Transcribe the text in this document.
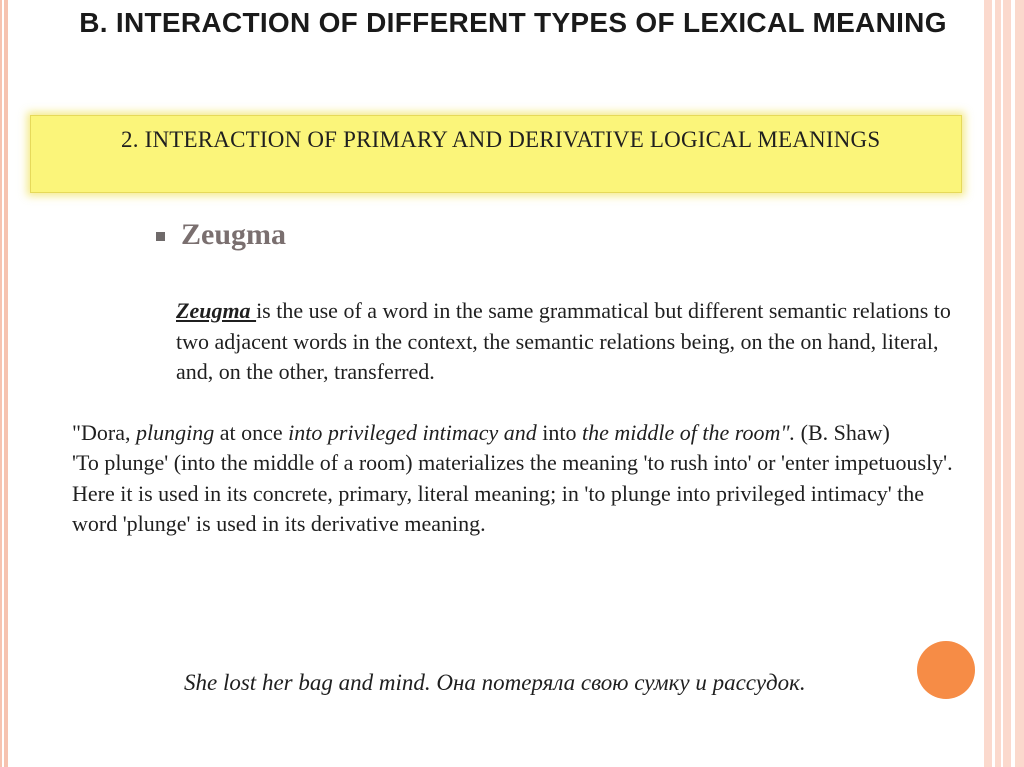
B. INTERACTION OF DIFFERENT TYPES OF LEXICAL MEANING
2. INTERACTION OF PRIMARY AND DERIVATIVE LOGICAL MEANINGS
Zeugma

Zeugma is the use of a word in the same grammatical but different semantic relations to two adjacent words in the context, the semantic relations being, on the on hand, literal, and, on the other, transferred.

"Dora, plunging at once into privileged intimacy and into the middle of the room". (B. Shaw)

'To plunge' (into the middle of a room) materializes the meaning 'to rush into' or 'enter impetuously'. Here it is used in its concrete, primary, literal meaning; in 'to plunge into privileged intimacy' the word 'plunge' is used in its derivative meaning.

She lost her bag and mind. Она потеряла свою сумку и рассудок.
